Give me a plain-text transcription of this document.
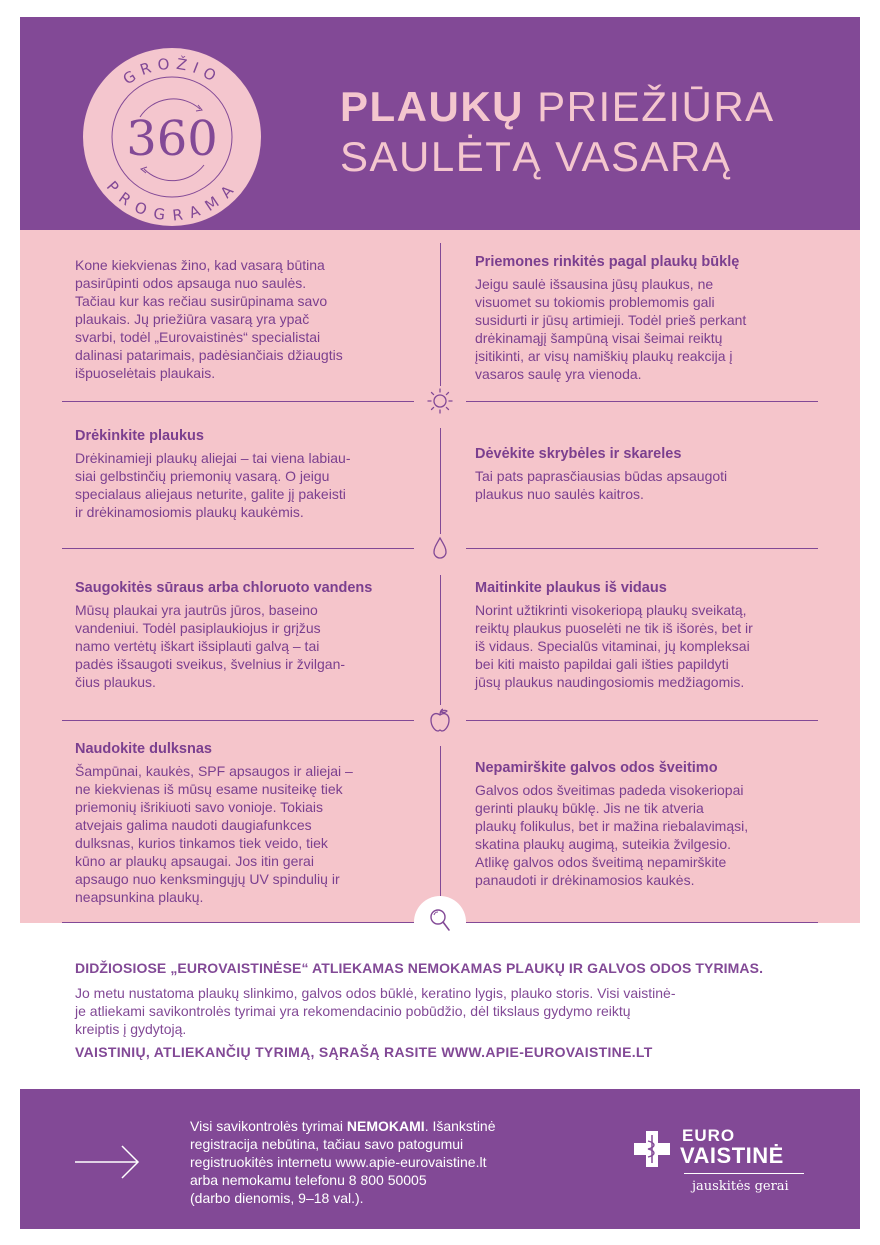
GROŽIO
PROGRAMA
360
PLAUKŲ PRIEŽIŪRA
SAULĖTĄ VASARĄ
Kone kiekvienas žino, kad vasarą būtina
pasirūpinti odos apsauga nuo saulės.
Tačiau kur kas rečiau susirūpinama savo
plaukais. Jų priežiūra vasarą yra ypač
svarbi, todėl „Eurovaistinės“ specialistai
dalinasi patarimais, padėsiančiais džiaugtis
išpuoselėtais plaukais.
Priemones rinkitės pagal plaukų būklę
Jeigu saulė išsausina jūsų plaukus, ne
visuomet su tokiomis problemomis gali
susidurti ir jūsų artimieji. Todėl prieš perkant
drėkinamąjį šampūną visai šeimai reiktų
įsitikinti, ar visų namiškių plaukų reakcija į
vasaros saulę yra vienoda.
Drėkinkite plaukus
Drėkinamieji plaukų aliejai – tai viena labiau-
siai gelbstinčių priemonių vasarą. O jeigu
specialaus aliejaus neturite, galite jį pakeisti
ir drėkinamosiomis plaukų kaukėmis.
Dėvėkite skrybėles ir skareles
Tai pats paprasčiausias būdas apsaugoti
plaukus nuo saulės kaitros.
Saugokitės sūraus arba chloruoto vandens
Mūsų plaukai yra jautrūs jūros, baseino
vandeniui. Todėl pasiplaukiojus ir grįžus
namo vertėtų iškart išsiplauti galvą – tai
padės išsaugoti sveikus, švelnius ir žvilgan-
čius plaukus.
Maitinkite plaukus iš vidaus
Norint užtikrinti visokeriopą plaukų sveikatą,
reiktų plaukus puoselėti ne tik iš išorės, bet ir
iš vidaus. Specialūs vitaminai, jų kompleksai
bei kiti maisto papildai gali išties papildyti
jūsų plaukus naudingosiomis medžiagomis.
Naudokite dulksnas
Šampūnai, kaukės, SPF apsaugos ir aliejai –
ne kiekvienas iš mūsų esame nusiteikę tiek
priemonių išrikiuoti savo vonioje. Tokiais
atvejais galima naudoti daugiafunkces
dulksnas, kurios tinkamos tiek veido, tiek
kūno ar plaukų apsaugai. Jos itin gerai
apsaugo nuo kenksmingųjų UV spindulių ir
neapsunkina plaukų.
Nepamirškite galvos odos šveitimo
Galvos odos šveitimas padeda visokeriopai
gerinti plaukų būklę. Jis ne tik atveria
plaukų folikulus, bet ir mažina riebalavimąsi,
skatina plaukų augimą, suteikia žvilgesio.
Atlikę galvos odos šveitimą nepamirškite
panaudoti ir drėkinamosios kaukės.
DIDŽIOSIOSE „EUROVAISTINĖSE“ ATLIEKAMAS NEMOKAMAS PLAUKŲ IR GALVOS ODOS TYRIMAS.
Jo metu nustatoma plaukų slinkimo, galvos odos būklė, keratino lygis, plauko storis. Visi vaistinė-
je atliekami savikontrolės tyrimai yra rekomendacinio pobūdžio, dėl tikslaus gydymo reiktų
kreiptis į gydytoją.
VAISTINIŲ, ATLIEKANČIŲ TYRIMĄ, SĄRAŠĄ RASITE WWW.APIE-EUROVAISTINE.LT
Visi savikontrolės tyrimai NEMOKAMI. Išankstinė
registracija nebūtina, tačiau savo patogumui
registruokitės internetu www.apie-eurovaistine.lt
arba nemokamu telefonu 8 800 50005
(darbo dienomis, 9–18 val.).
EURO
VAISTINĖ
jauskitės gerai
